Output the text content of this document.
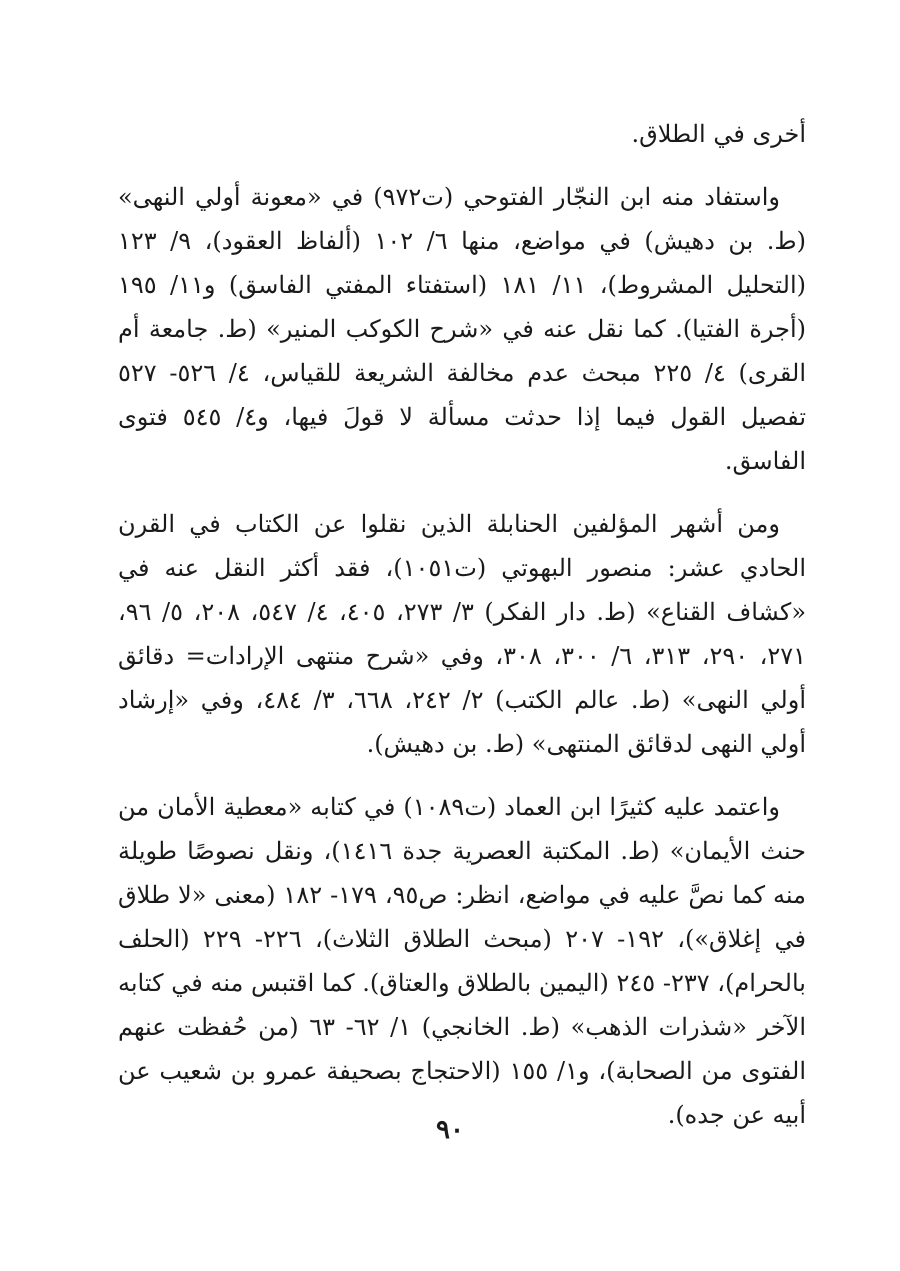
أخرى في الطلاق.

واستفاد منه ابن النجّار الفتوحي (ت٩٧٢) في «معونة أولي النهى» (ط. بن دهيش) في مواضع، منها ٦/ ١٠٢ (ألفاظ العقود)، ٩/ ١٢٣ (التحليل المشروط)، ١١/ ١٨١ (استفتاء المفتي الفاسق) و١١/ ١٩٥ (أجرة الفتيا). كما نقل عنه في «شرح الكوكب المنير» (ط. جامعة أم القرى) ٤/ ٢٢٥ مبحث عدم مخالفة الشريعة للقياس، ٤/ ٥٢٦- ٥٢٧ تفصيل القول فيما إذا حدثت مسألة لا قولَ فيها، و٤/ ٥٤٥ فتوى الفاسق.

ومن أشهر المؤلفين الحنابلة الذين نقلوا عن الكتاب في القرن الحادي عشر: منصور البهوتي (ت١٠٥١)، فقد أكثر النقل عنه في «كشاف القناع» (ط. دار الفكر) ٣/ ٢٧٣، ٤٠٥، ٤/ ٥٤٧، ٢٠٨، ٥/ ٩٦، ٢٧١، ٢٩٠، ٣١٣، ٦/ ٣٠٠، ٣٠٨، وفي «شرح منتهى الإرادات= دقائق أولي النهى» (ط. عالم الكتب) ٢/ ٢٤٢، ٦٦٨، ٣/ ٤٨٤، وفي «إرشاد أولي النهى لدقائق المنتهى» (ط. بن دهيش).

واعتمد عليه كثيرًا ابن العماد (ت١٠٨٩) في كتابه «معطية الأمان من حنث الأيمان» (ط. المكتبة العصرية جدة ١٤١٦)، ونقل نصوصًا طويلة منه كما نصَّ عليه في مواضع، انظر: ص٩٥، ١٧٩- ١٨٢ (معنى «لا طلاق في إغلاق»)، ١٩٢- ٢٠٧ (مبحث الطلاق الثلاث)، ٢٢٦- ٢٢٩ (الحلف بالحرام)، ٢٣٧- ٢٤٥ (اليمين بالطلاق والعتاق). كما اقتبس منه في كتابه الآخر «شذرات الذهب» (ط. الخانجي) ١/ ٦٢- ٦٣ (من حُفظت عنهم الفتوى من الصحابة)، و١/ ١٥٥ (الاحتجاج بصحيفة عمرو بن شعيب عن أبيه عن جده).

٩٠
